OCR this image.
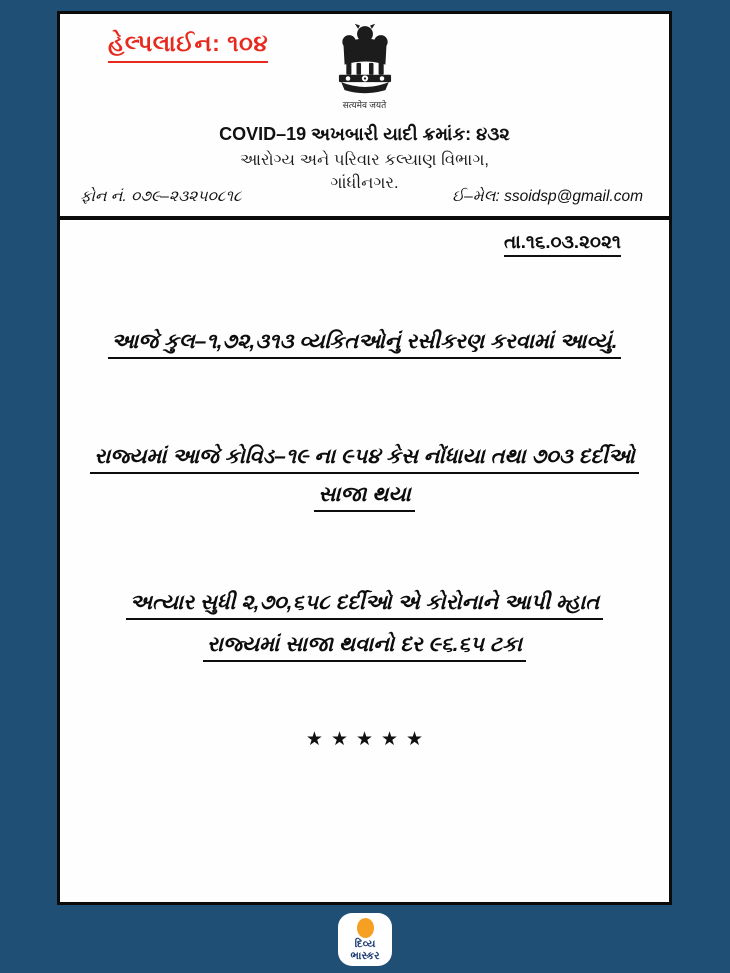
હેલ્પલાઈન: ૧૦૪
सत्यमेव जयते
COVID–19 અખબારી યાદી ક્રમાંક: ૪૩૨
આરોગ્ય અને પરિવાર કલ્યાણ વિભાગ,
ગાંધીનગર.
ફોન નં. ૦૭૯–૨૩૨૫૦૮૧૮	ઈ–મેલ: ssoidsp@gmail.com
તા.૧૬.૦૩.૨૦૨૧
આજે કુલ–૧,૭૨,૩૧૩ વ્યકિતઓનું રસીકરણ કરવામાં આવ્યું.
રાજ્યમાં આજે કોવિડ–૧૯ ના ૯૫૪ કેસ નોંધાયા તથા ૭૦૩ દર્દીઓ
સાજા થયા
અત્યાર સુધી ૨,૭૦,૬૫૮ દર્દીઓ એ કોરોનાને આપી મ્હાત
રાજ્યમાં સાજા થવાનો દર ૯૬.૬૫ ટકા
★★★★★
દિવ્ય
ભાસ્કર
